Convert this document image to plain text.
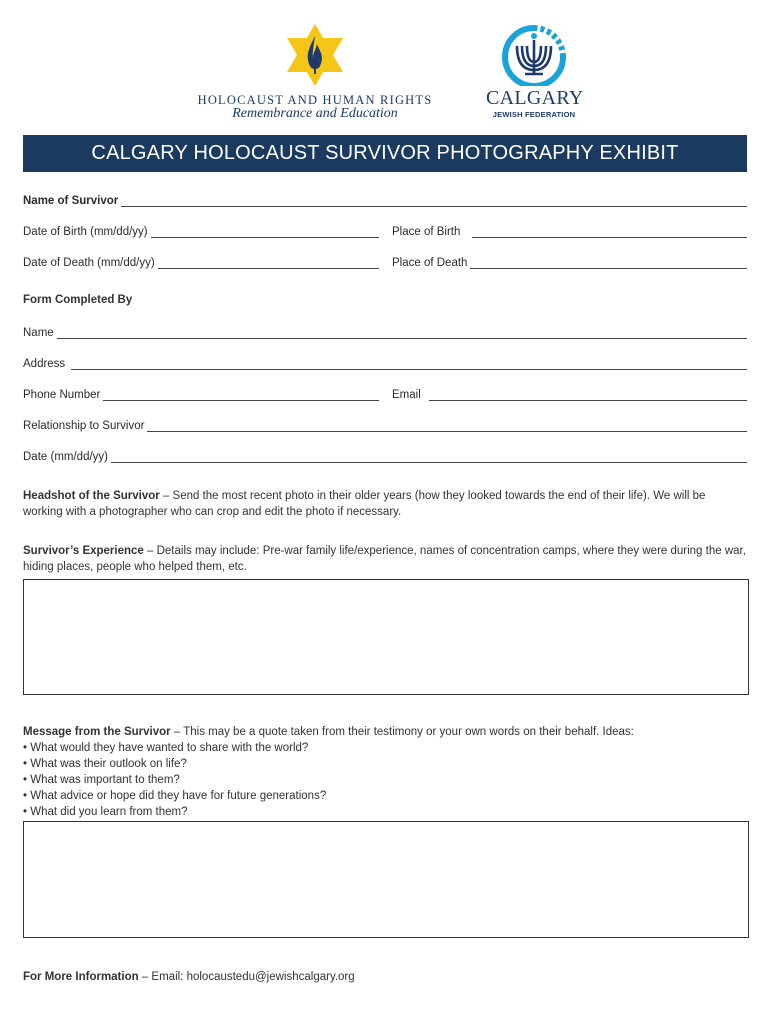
HOLOCAUST AND HUMAN RIGHTS
Remembrance and Education
CALGARY
JEWISH FEDERATION
CALGARY HOLOCAUST SURVIVOR PHOTOGRAPHY EXHIBIT
Name of Survivor
Date of Birth (mm/dd/yy)	Place of Birth
Date of Death (mm/dd/yy)	Place of Death
Form Completed By
Name
Address
Phone Number	Email
Relationship to Survivor
Date (mm/dd/yy)
Headshot of the Survivor – Send the most recent photo in their older years (how they looked towards the end of their life). We will be working with a photographer who can crop and edit the photo if necessary.
Survivor’s Experience – Details may include: Pre-war family life/experience, names of concentration camps, where they were during the war, hiding places, people who helped them, etc.
Message from the Survivor – This may be a quote taken from their testimony or your own words on their behalf. Ideas:
• What would they have wanted to share with the world?
• What was their outlook on life?
• What was important to them?
• What advice or hope did they have for future generations?
• What did you learn from them?
For More Information – Email: holocaustedu@jewishcalgary.org
